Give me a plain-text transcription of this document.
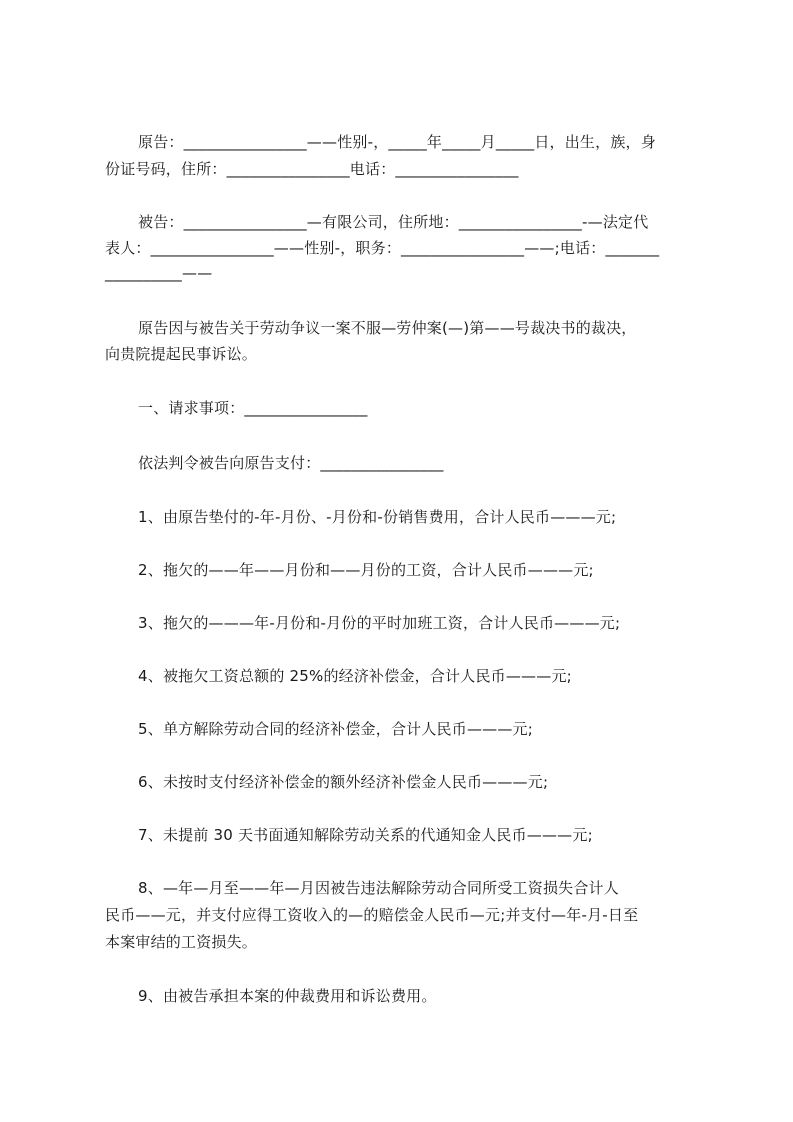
原告：________________——性别-，_____年_____月_____日，出生，族，身
份证号码，住所：________________电话：________________
被告：________________—有限公司，住所地：________________-—法定代
表人：________________——性别-，职务：________________——;电话：_______
__________——
原告因与被告关于劳动争议一案不服—劳仲案(—)第——号裁决书的裁决，
向贵院提起民事诉讼。
一、请求事项：________________
依法判令被告向原告支付：________________
1、由原告垫付的-年-月份、-月份和-份销售费用，合计人民币———元;
2、拖欠的——年——月份和——月份的工资，合计人民币———元;
3、拖欠的———年-月份和-月份的平时加班工资，合计人民币———元;
4、被拖欠工资总额的 25%的经济补偿金，合计人民币———元;
5、单方解除劳动合同的经济补偿金，合计人民币———元;
6、未按时支付经济补偿金的额外经济补偿金人民币———元;
7、未提前 30 天书面通知解除劳动关系的代通知金人民币———元;
8、—年—月至——年—月因被告违法解除劳动合同所受工资损失合计人
民币——元，并支付应得工资收入的—的赔偿金人民币—元;并支付—年-月-日至
本案审结的工资损失。
9、由被告承担本案的仲裁费用和诉讼费用。
